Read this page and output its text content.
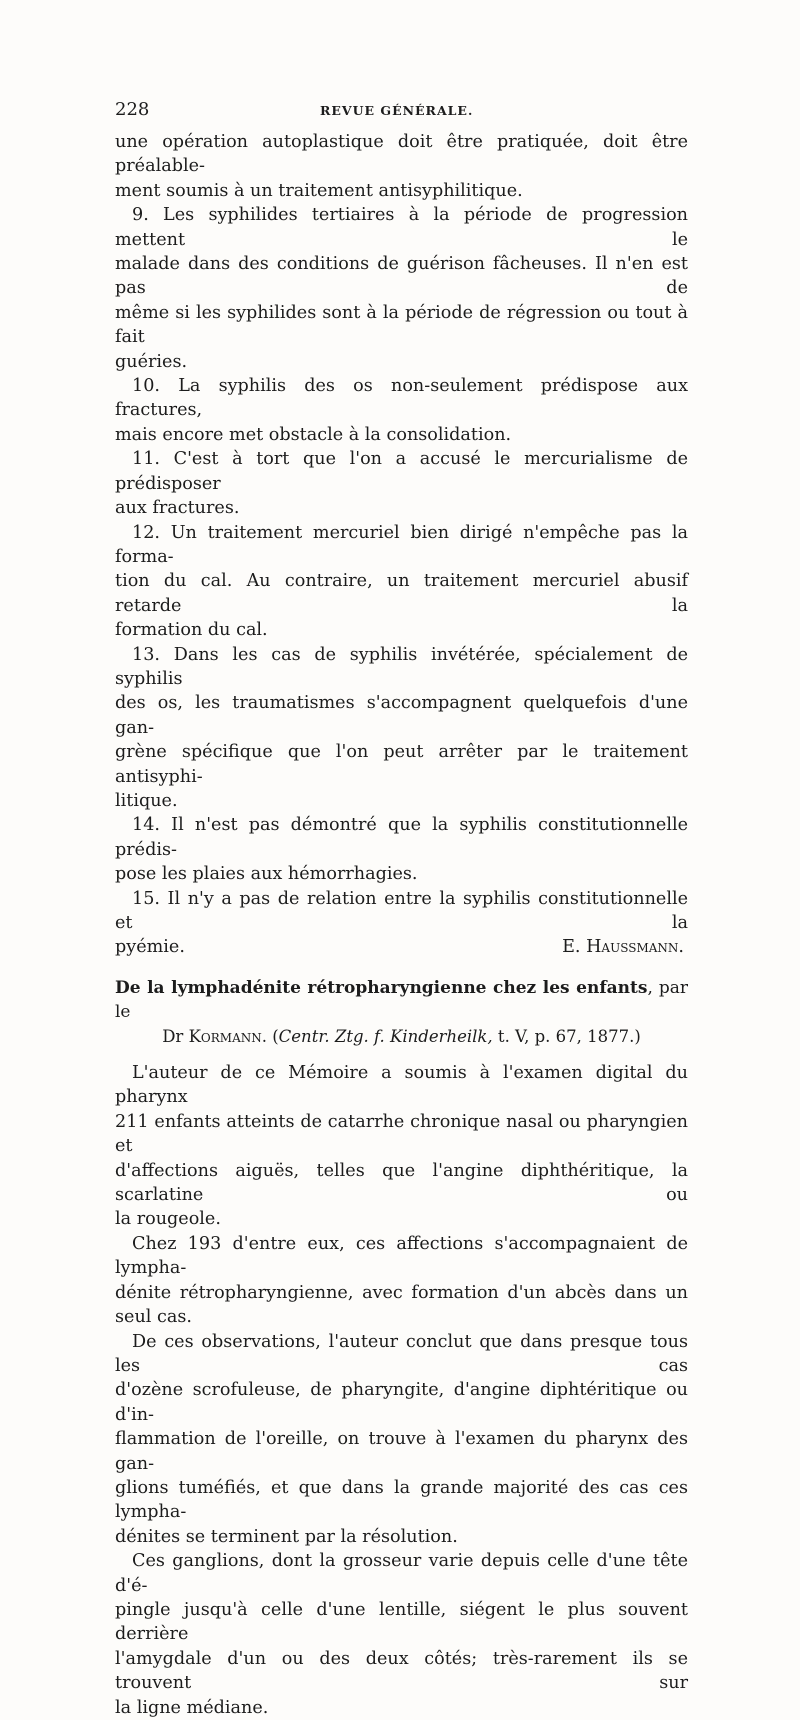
228	REVUE GÉNÉRALE.

une opération autoplastique doit être pratiquée, doit être préalable-

ment soumis à un traitement antisyphilitique.

9. Les syphilides tertiaires à la période de progression mettent le

malade dans des conditions de guérison fâcheuses. Il n'en est pas de

même si les syphilides sont à la période de régression ou tout à fait

guéries.

10. La syphilis des os non-seulement prédispose aux fractures,

mais encore met obstacle à la consolidation.

11. C'est à tort que l'on a accusé le mercurialisme de prédisposer

aux fractures.

12. Un traitement mercuriel bien dirigé n'empêche pas la forma-

tion du cal. Au contraire, un traitement mercuriel abusif retarde la

formation du cal.

13. Dans les cas de syphilis invétérée, spécialement de syphilis

des os, les traumatismes s'accompagnent quelquefois d'une gan-

grène spécifique que l'on peut arrêter par le traitement antisyphi-

litique.

14. Il n'est pas démontré que la syphilis constitutionnelle prédis-

pose les plaies aux hémorrhagies.

15. Il n'y a pas de relation entre la syphilis constitutionnelle et la

pyémie.	E. Haussmann.
De la lymphadénite rétropharyngienne chez les enfants, par le

Dr Kormann. (Centr. Ztg. f. Kinderheilk, t. V, p. 67, 1877.)

L'auteur de ce Mémoire a soumis à l'examen digital du pharynx

211 enfants atteints de catarrhe chronique nasal ou pharyngien et

d'affections aiguës, telles que l'angine diphthéritique, la scarlatine ou

la rougeole.

Chez 193 d'entre eux, ces affections s'accompagnaient de lympha-

dénite rétropharyngienne, avec formation d'un abcès dans un

seul cas.

De ces observations, l'auteur conclut que dans presque tous les cas

d'ozène scrofuleuse, de pharyngite, d'angine diphtéritique ou d'in-

flammation de l'oreille, on trouve à l'examen du pharynx des gan-

glions tuméfiés, et que dans la grande majorité des cas ces lympha-

dénites se terminent par la résolution.

Ces ganglions, dont la grosseur varie depuis celle d'une tête d'é-

pingle jusqu'à celle d'une lentille, siégent le plus souvent derrière

l'amygdale d'un ou des deux côtés; très-rarement ils se trouvent sur

la ligne médiane.
